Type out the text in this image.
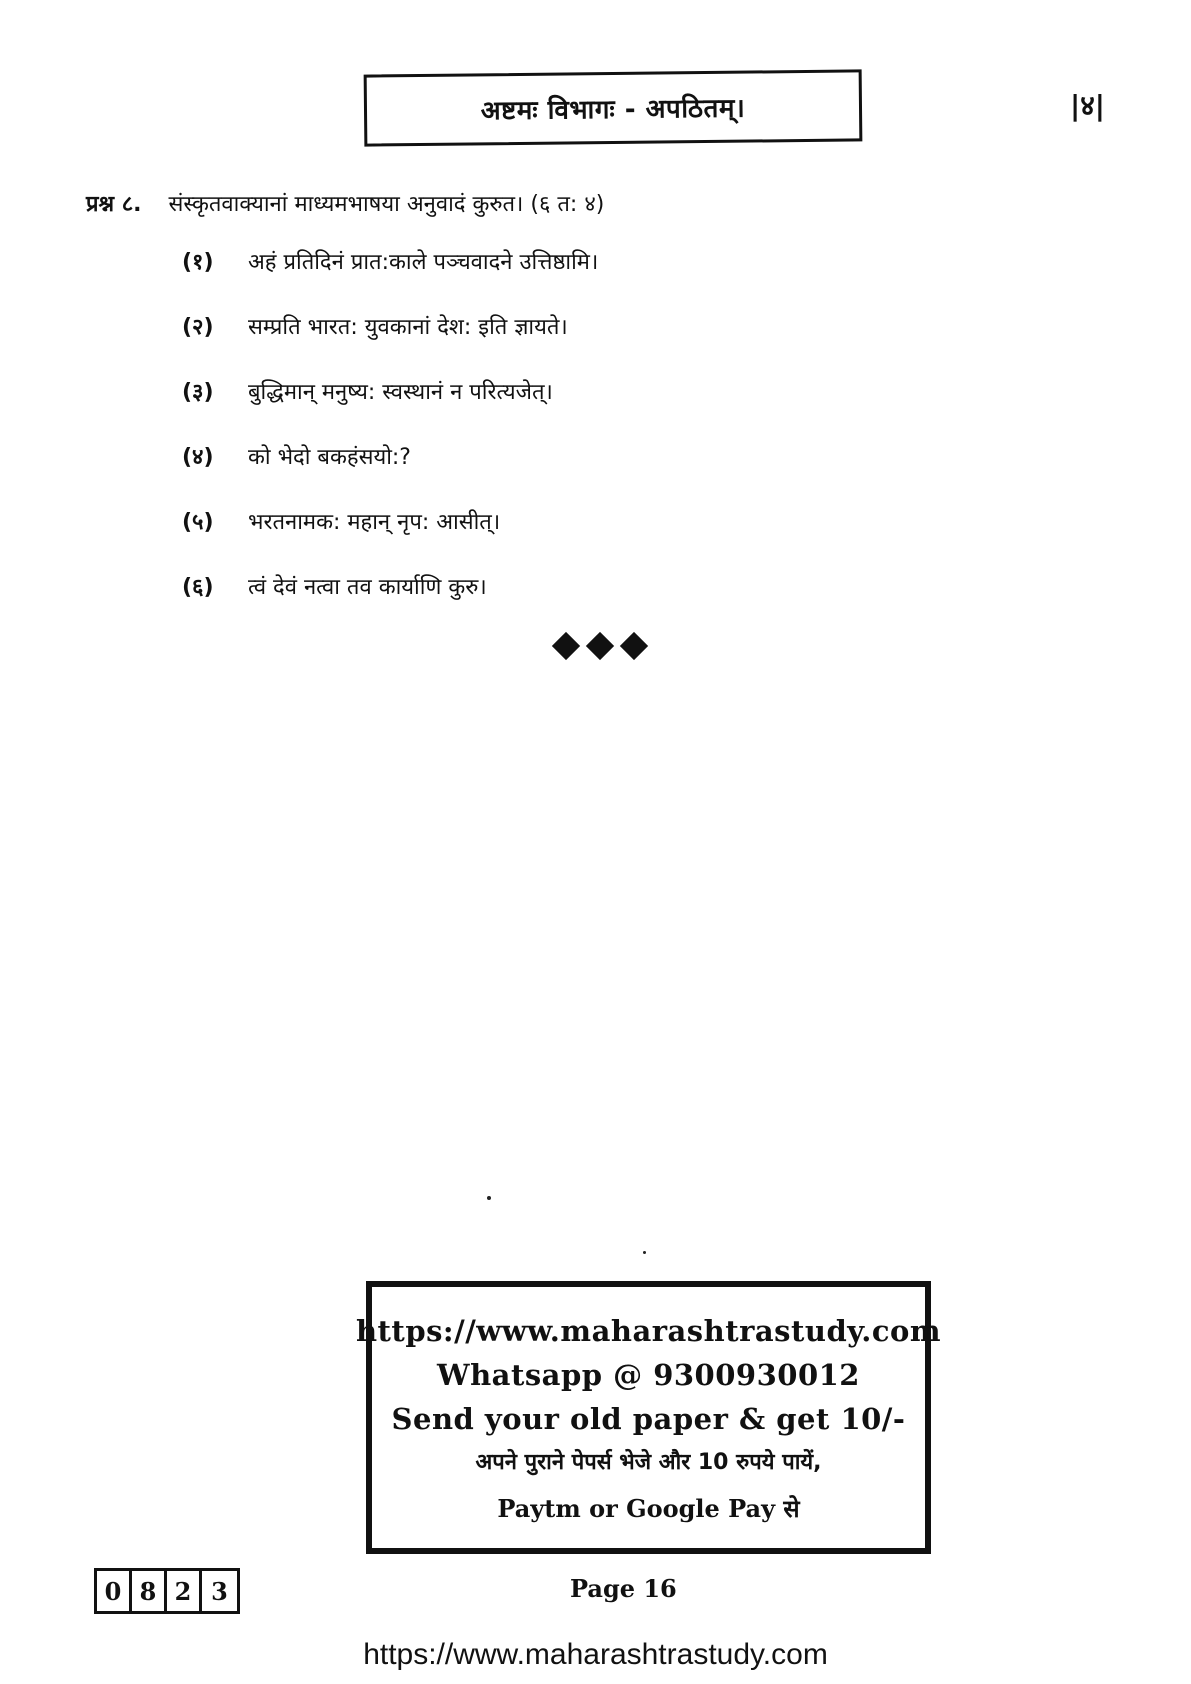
अष्टमः विभागः - अपठितम्।	|४|
प्रश्न ८. संस्कृतवाक्यानां माध्यमभाषया अनुवादं कुरुत। (६ त: ४)
(१)	अहं प्रतिदिनं प्रात:काले पञ्चवादने उत्तिष्ठामि।
(२)	सम्प्रति भारत: युवकानां देश: इति ज्ञायते।
(३)	बुद्धिमान् मनुष्य: स्वस्थानं न परित्यजेत्।
(४)	को भेदो बकहंसयो:?
(५)	भरतनामक: महान् नृप: आसीत्।
(६)	त्वं देवं नत्वा तव कार्याणि कुरु।
https://www.maharashtrastudy.com
Whatsapp @ 9300930012
Send your old paper & get 10/-
अपने पुराने पेपर्स भेजे और 10 रुपये पायें,
Paytm or Google Pay से
0 8 2 3	Page 16
https://www.maharashtrastudy.com
